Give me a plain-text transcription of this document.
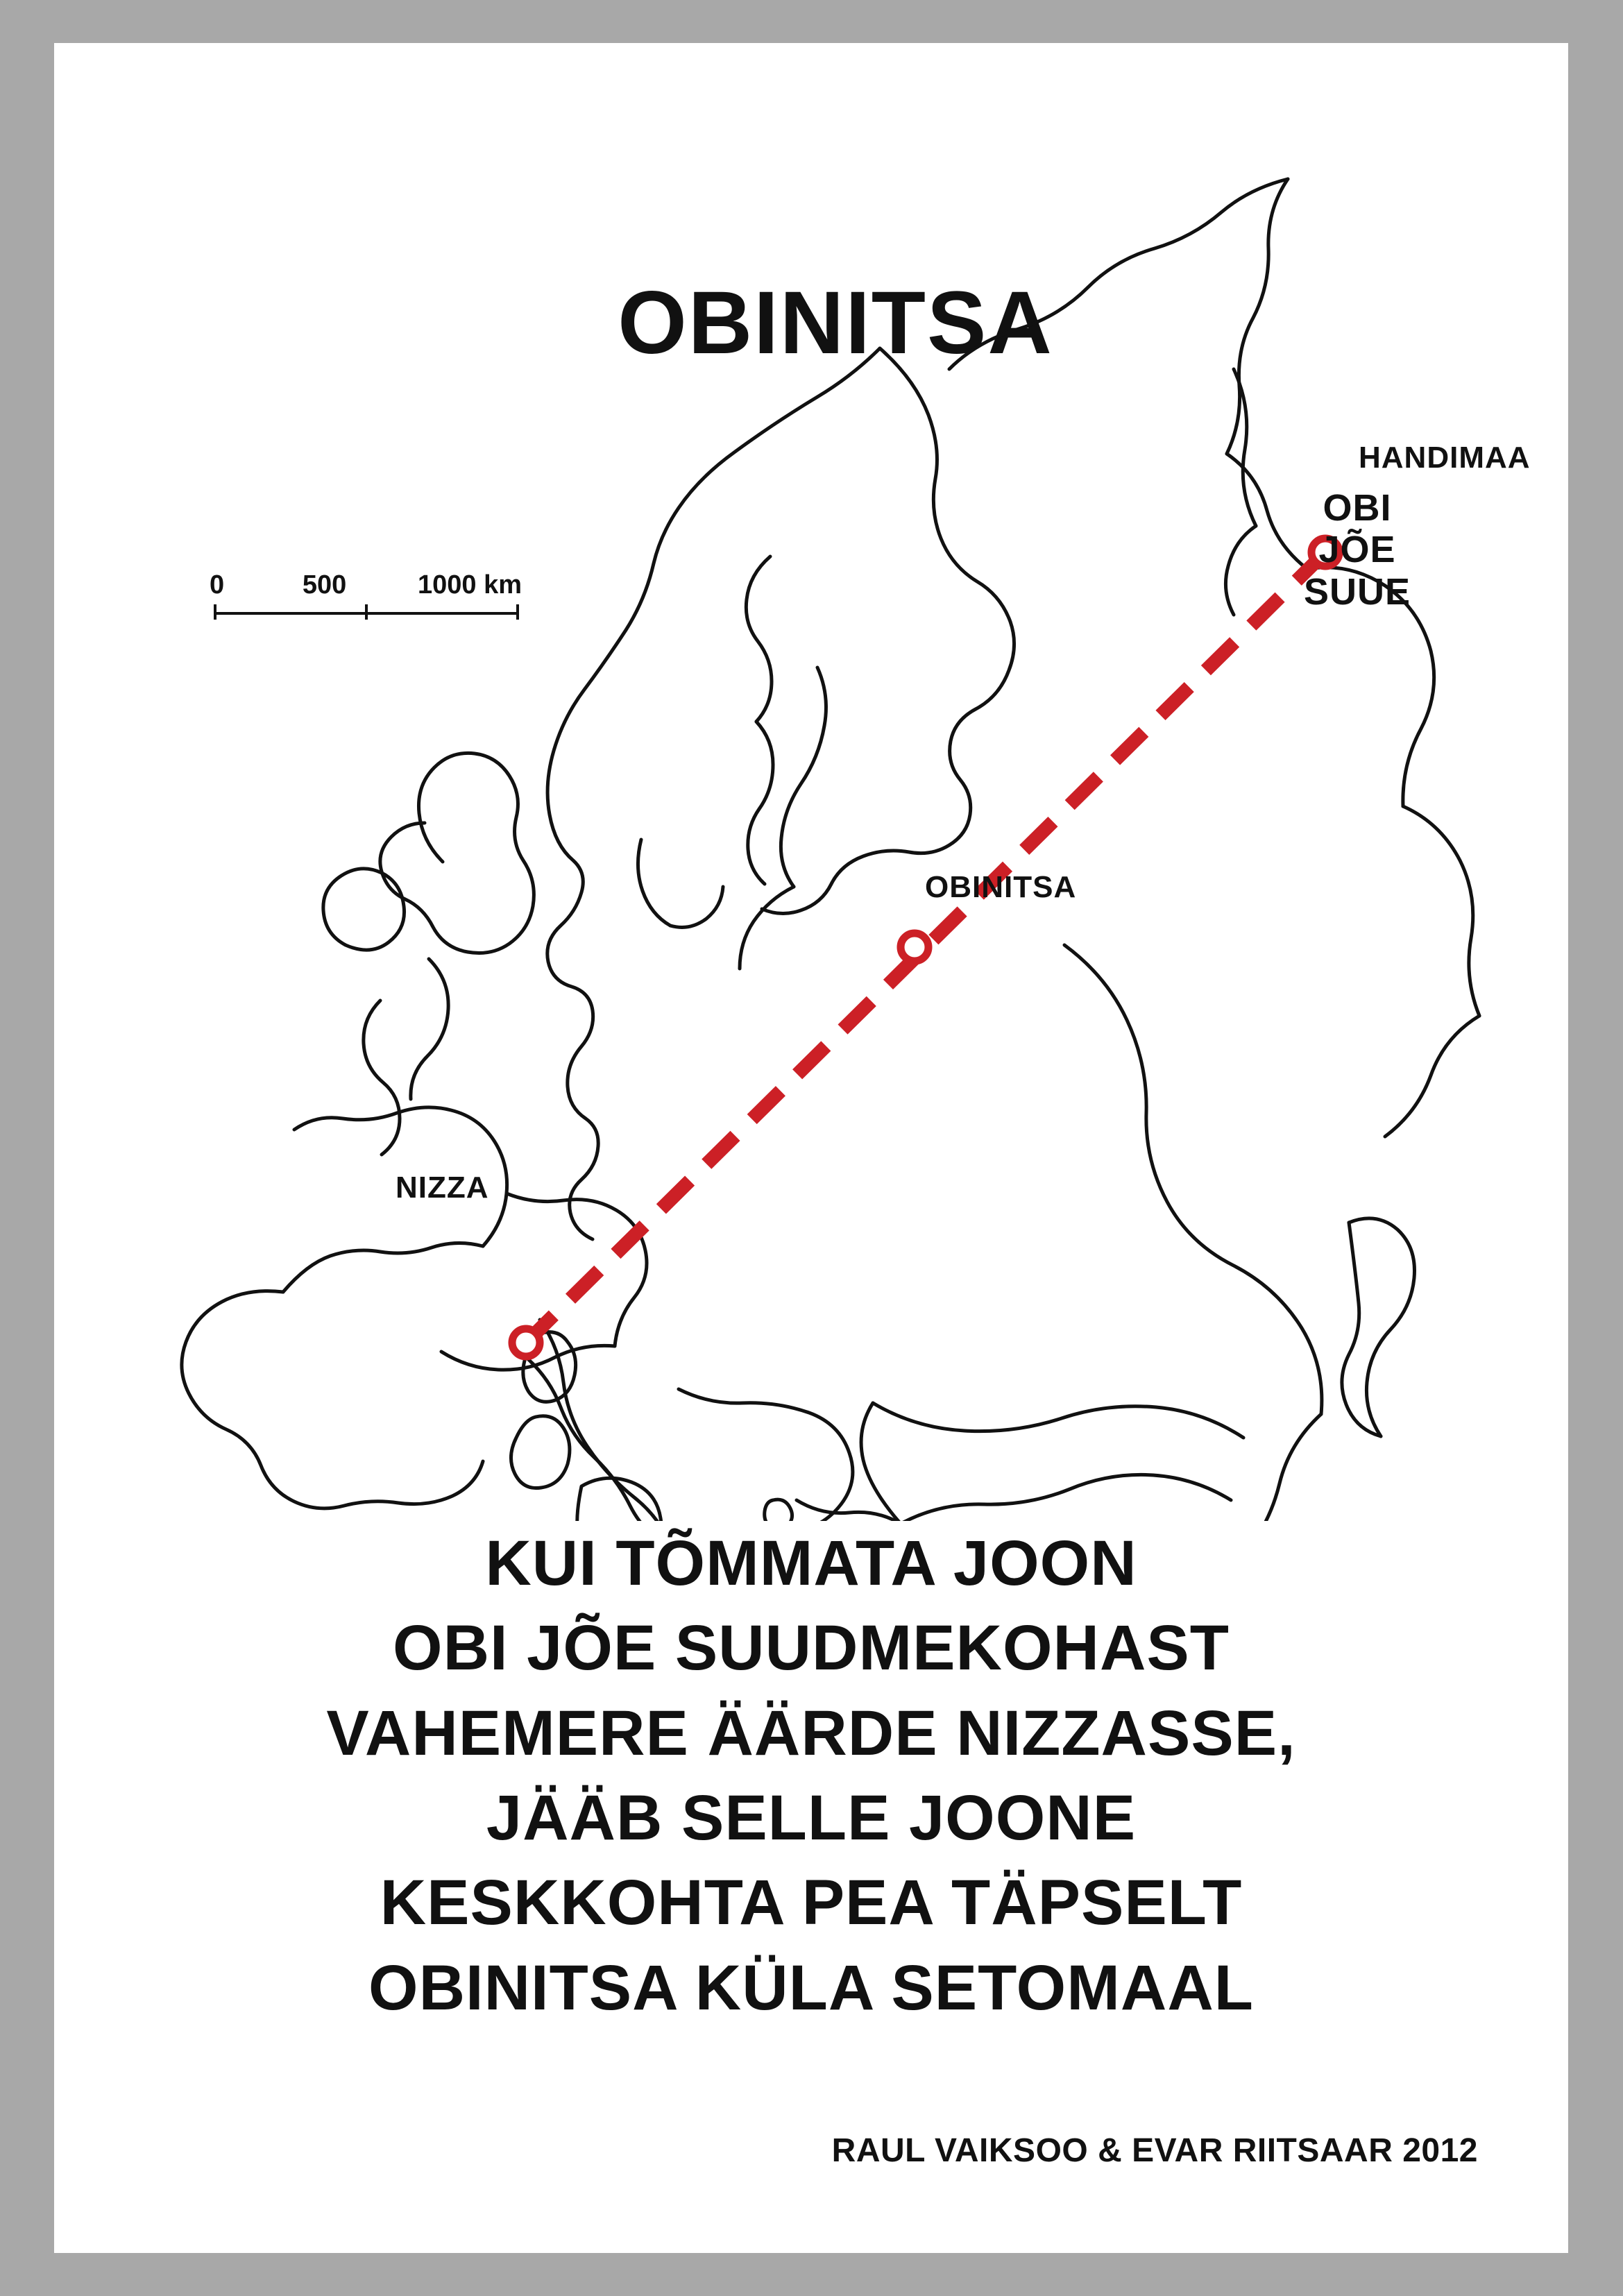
OBINITSA
0	500	1000 km
HANDIMAA
OBI
JÕE
SUUE
OBINITSA
NIZZA
KUI TÕMMATA JOON
OBI JÕE SUUDMEKOHAST
VAHEMERE ÄÄRDE NIZZASSE,
JÄÄB SELLE JOONE
KESKKOHTA PEA TÄPSELT
OBINITSA KÜLA SETOMAAL
RAUL VAIKSOO & EVAR RIITSAAR 2012
